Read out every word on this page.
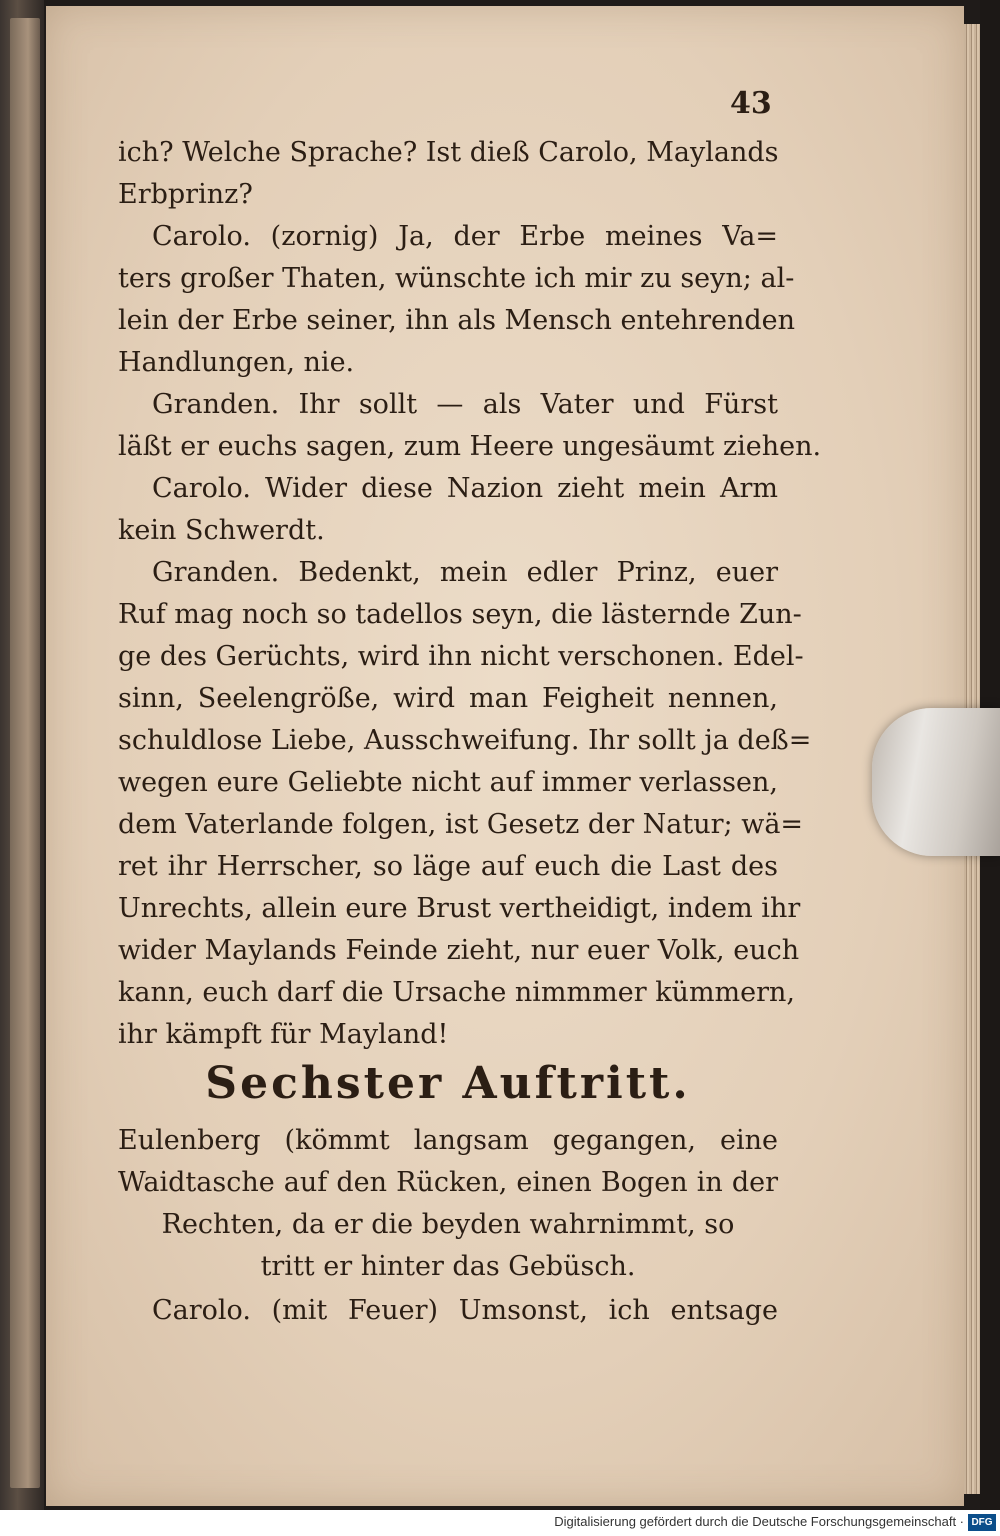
43
ich? Welche Sprache? Ist dieß Carolo, Maylands
Erbprinz?
Carolo. (zornig) Ja, der Erbe meines Va=
ters großer Thaten, wünschte ich mir zu seyn; al-
lein der Erbe seiner, ihn als Mensch entehrenden
Handlungen, nie.
Granden. Ihr sollt — als Vater und Fürst
läßt er euchs sagen, zum Heere ungesäumt ziehen.
Carolo. Wider diese Nazion zieht mein Arm
kein Schwerdt.
Granden. Bedenkt, mein edler Prinz, euer
Ruf mag noch so tadellos seyn, die lästernde Zun-
ge des Gerüchts, wird ihn nicht verschonen. Edel-
sinn, Seelengröße, wird man Feigheit nennen,
schuldlose Liebe, Ausschweifung. Ihr sollt ja deß=
wegen eure Geliebte nicht auf immer verlassen,
dem Vaterlande folgen, ist Gesetz der Natur; wä=
ret ihr Herrscher, so läge auf euch die Last des
Unrechts, allein eure Brust vertheidigt, indem ihr
wider Maylands Feinde zieht, nur euer Volk, euch
kann, euch darf die Ursache nimmmer kümmern,
ihr kämpft für Mayland!
Sechster Auftritt.
Eulenberg (kömmt langsam gegangen, eine
Waidtasche auf den Rücken, einen Bogen in der
Rechten, da er die beyden wahrnimmt, so
tritt er hinter das Gebüsch.
Carolo. (mit Feuer) Umsonst, ich entsage
Digitalisierung gefördert durch die Deutsche Forschungsgemeinschaft · DFG
